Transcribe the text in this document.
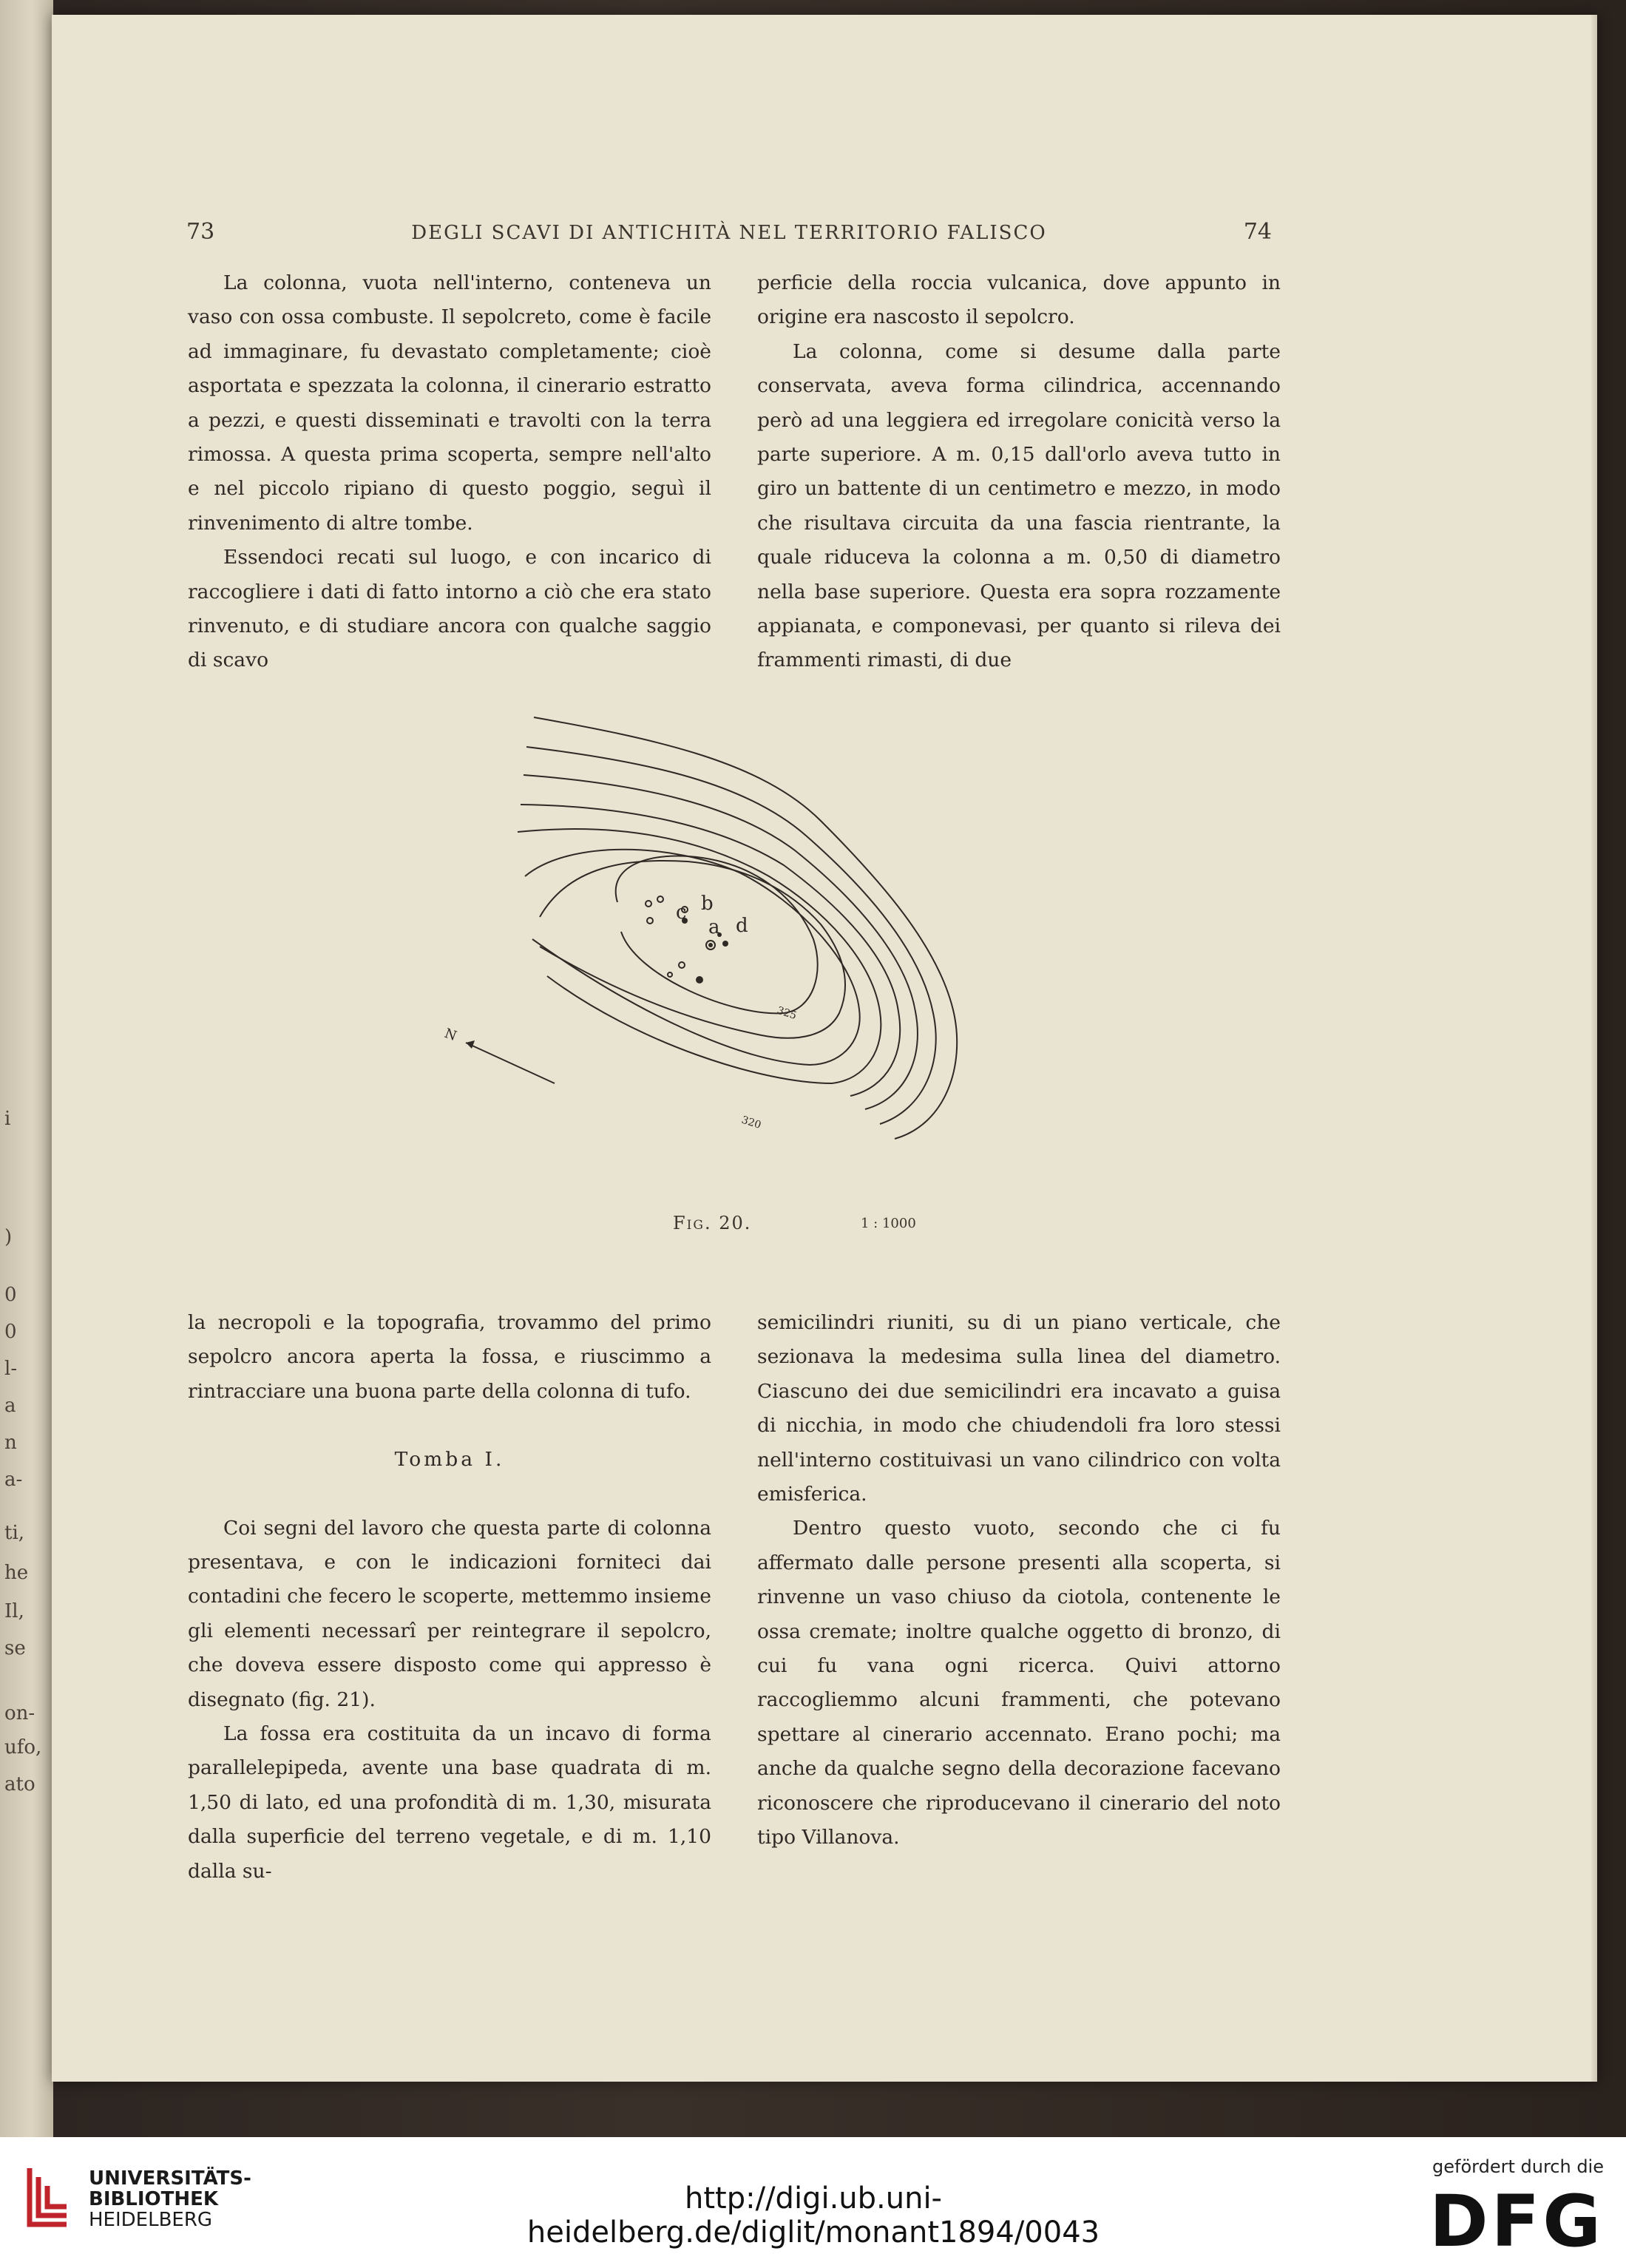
i
)
0
0
l-
a
n
a-
ti,
he
Il,
se
on-
ufo,
ato
73	DEGLI SCAVI DI ANTICHITÀ NEL TERRITORIO FALISCO	74

La colonna, vuota nell'interno, conteneva un vaso con ossa combuste. Il sepolcreto, come è facile ad immaginare, fu devastato completamente; cioè asportata e spezzata la colonna, il cinerario estratto a pezzi, e questi disseminati e travolti con la terra rimossa. A questa prima scoperta, sempre nell'alto e nel piccolo ripiano di questo poggio, seguì il rinvenimento di altre tombe.

Essendoci recati sul luogo, e con incarico di raccogliere i dati di fatto intorno a ciò che era stato rinvenuto, e di studiare ancora con qualche saggio di scavo

perficie della roccia vulcanica, dove appunto in origine era nascosto il sepolcro.

La colonna, come si desume dalla parte conservata, aveva forma cilindrica, accennando però ad una leggiera ed irregolare conicità verso la parte superiore. A m. 0,15 dall'orlo aveva tutto in giro un battente di un centimetro e mezzo, in modo che risultava circuita da una fascia rientrante, la quale riduceva la colonna a m. 0,50 di diametro nella base superiore. Questa era sopra rozzamente appianata, e componevasi, per quanto si rileva dei frammenti rimasti, di due

N
c b
a d
325
320
Fig. 20.	1 : 1000

la necropoli e la topografia, trovammo del primo sepolcro ancora aperta la fossa, e riuscimmo a rintracciare una buona parte della colonna di tufo.

Tomba I.

Coi segni del lavoro che questa parte di colonna presentava, e con le indicazioni forniteci dai contadini che fecero le scoperte, mettemmo insieme gli elementi necessarî per reintegrare il sepolcro, che doveva essere disposto come qui appresso è disegnato (fig. 21).

La fossa era costituita da un incavo di forma parallelepipeda, avente una base quadrata di m. 1,50 di lato, ed una profondità di m. 1,30, misurata dalla superficie del terreno vegetale, e di m. 1,10 dalla su-

semicilindri riuniti, su di un piano verticale, che sezionava la medesima sulla linea del diametro. Ciascuno dei due semicilindri era incavato a guisa di nicchia, in modo che chiudendoli fra loro stessi nell'interno costituivasi un vano cilindrico con volta emisferica.

Dentro questo vuoto, secondo che ci fu affermato dalle persone presenti alla scoperta, si rinvenne un vaso chiuso da ciotola, contenente le ossa cremate; inoltre qualche oggetto di bronzo, di cui fu vana ogni ricerca. Quivi attorno raccogliemmo alcuni frammenti, che potevano spettare al cinerario accennato. Erano pochi; ma anche da qualche segno della decorazione facevano riconoscere che riproducevano il cinerario del noto tipo Villanova.

UNIVERSITÄTS-
BIBLIOTHEK
HEIDELBERG
http://digi.ub.uni-heidelberg.de/diglit/monant1894/0043
gefördert durch die
DFG
